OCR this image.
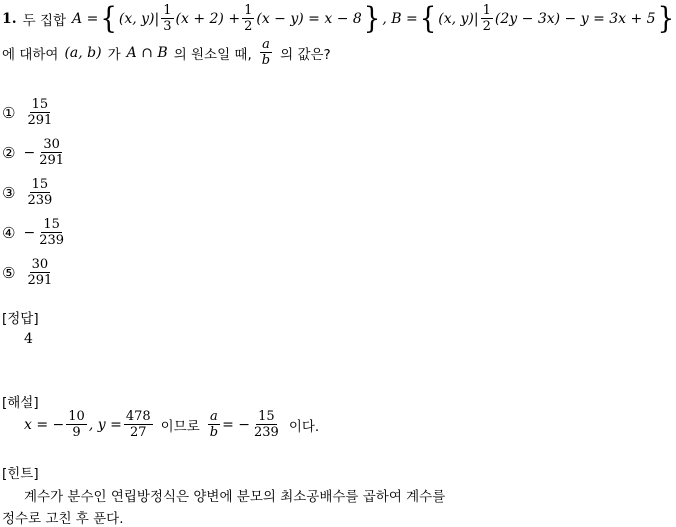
1. 두 집합 A = { (x, $y)| \frac{1}{3} (x + 2) + \frac{1}{2} (x - y) = x - 8$ } , B = { (x, $y)| \frac{1}{2} (2y - 3x) - y = 3x + 5$ }
에 대하여 (a, b) 가 A ∩ B 의 원소일 때, $\frac{a}{b}$ 의 값은?
① $\frac{15}{291}$
② − $\frac{30}{291}$
③ $\frac{15}{239}$
④ − $\frac{15}{239}$
⑤ $\frac{30}{291}$
[정답]
4
[해설]
x = − $\frac{10}{9}$ , $y = \frac{478}{27}$ 이므로 $\frac{a}{b}$ = − $\frac{15}{239}$ 이다.
[힌트]
계수가 분수인 연립방정식은 양변에 분모의 최소공배수를 곱하여 계수를
정수로 고친 후 푼다.
